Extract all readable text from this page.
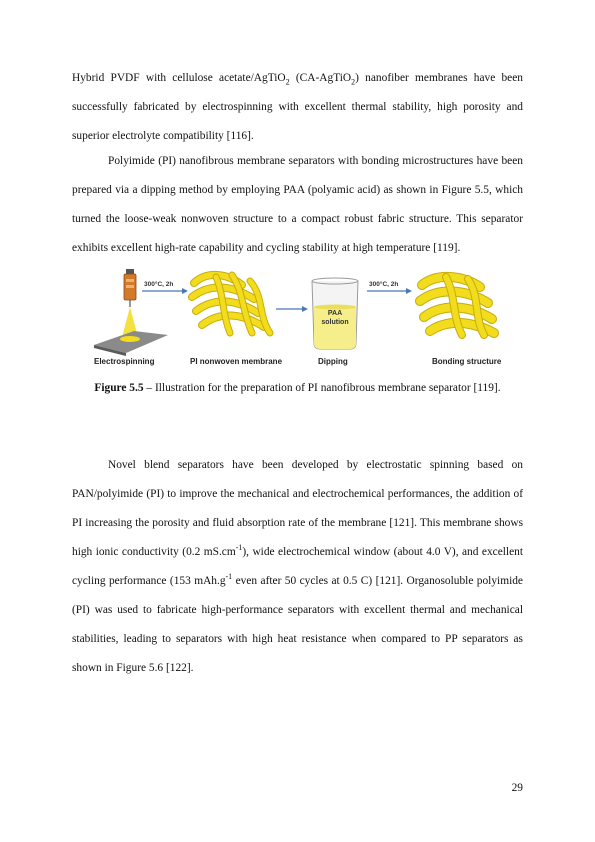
Hybrid PVDF with cellulose acetate/AgTiO$_2$ (CA-AgTiO$_2$) nanofiber membranes have been successfully fabricated by electrospinning with excellent thermal stability, high porosity and superior electrolyte compatibility [116].
Polyimide (PI) nanofibrous membrane separators with bonding microstructures have been prepared via a dipping method by employing PAA (polyamic acid) as shown in Figure 5.5, which turned the loose-weak nonwoven structure to a compact robust fabric structure. This separator exhibits excellent high-rate capability and cycling stability at high temperature [119].
300°C, 2h
PAA
solution
300°C, 2h
Electrospinning	PI nonwoven membrane	Dipping	Bonding structure
Figure 5.5 – Illustration for the preparation of PI nanofibrous membrane separator [119].
Novel blend separators have been developed by electrostatic spinning based on PAN/polyimide (PI) to improve the mechanical and electrochemical performances, the addition of PI increasing the porosity and fluid absorption rate of the membrane [121]. This membrane shows high ionic conductivity (0.2 $mS.cm^{-1}$), wide electrochemical window (about 4.0 V), and excellent cycling performance (153 $mAh.g^{-1}$ even after 50 cycles at 0.5 C) [121]. Organosoluble polyimide (PI) was used to fabricate high-performance separators with excellent thermal and mechanical stabilities, leading to separators with high heat resistance when compared to PP separators as shown in Figure 5.6 [122].
29
